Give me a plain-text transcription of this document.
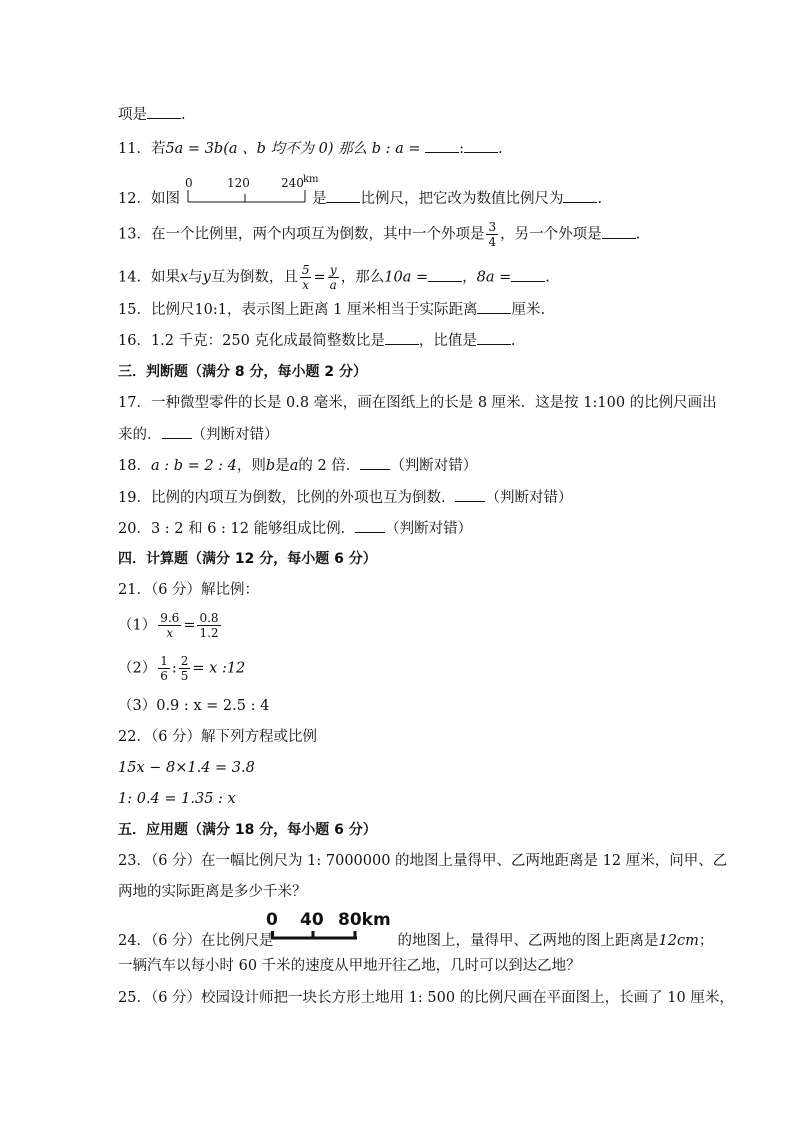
项是 .
11．若5a = 3b(a 、b 均不为 0) 那么 b : a =	: .
12．如图	是 比例尺，把它改为数值比例尺为 .
0	120	240 km
13．在一个比例里，两个内项互为倒数，其中一个外项是 $\frac{3}{4}$ ，另一个外项是 .
14．如果x与y互为倒数，且 $\frac{5}{x} = \frac{y}{a}$ ，那么10a = ，8a = .
15．比例尺10:1，表示图上距离 1 厘米相当于实际距离 厘米.
16．1.2 千克：250 克化成最简整数比是 ，比值是 .
三．判断题（满分 8 分，每小题 2 分）
17．一种微型零件的长是 0.8 毫米，画在图纸上的长是 8 厘米．这是按 1:100 的比例尺画出
来的． （判断对错）
18．a : b = 2 : 4，则b是a的 2 倍． （判断对错）
19．比例的内项互为倒数，比例的外项也互为倒数． （判断对错）
20．3 : 2 和 6 : 12 能够组成比例． （判断对错）
四．计算题（满分 12 分，每小题 6 分）
21．（6 分）解比例：
$(1) \frac{9.6}{x} = \frac{0.8}{1.2}$
$(2) \frac{1}{6}$ : $\frac{2}{5} = x$ :12
（3）0.9 : x = 2.5 : 4
22．（6 分）解下列方程或比例
15x − 8×1.4 = 3.8
1: 0.4 = 1.35 : x
五．应用题（满分 18 分，每小题 6 分）
23．（6 分）在一幅比例尺为 1: 7000000 的地图上量得甲、乙两地距离是 12 厘米，问甲、乙
两地的实际距离是多少千米？
24．（6 分）在比例尺是	的地图上，量得甲、乙两地的图上距离是12cm；
0 40 80km
一辆汽车以每小时 60 千米的速度从甲地开往乙地，几时可以到达乙地？
25．（6 分）校园设计师把一块长方形土地用 1: 500 的比例尺画在平面图上，长画了 10 厘米，
